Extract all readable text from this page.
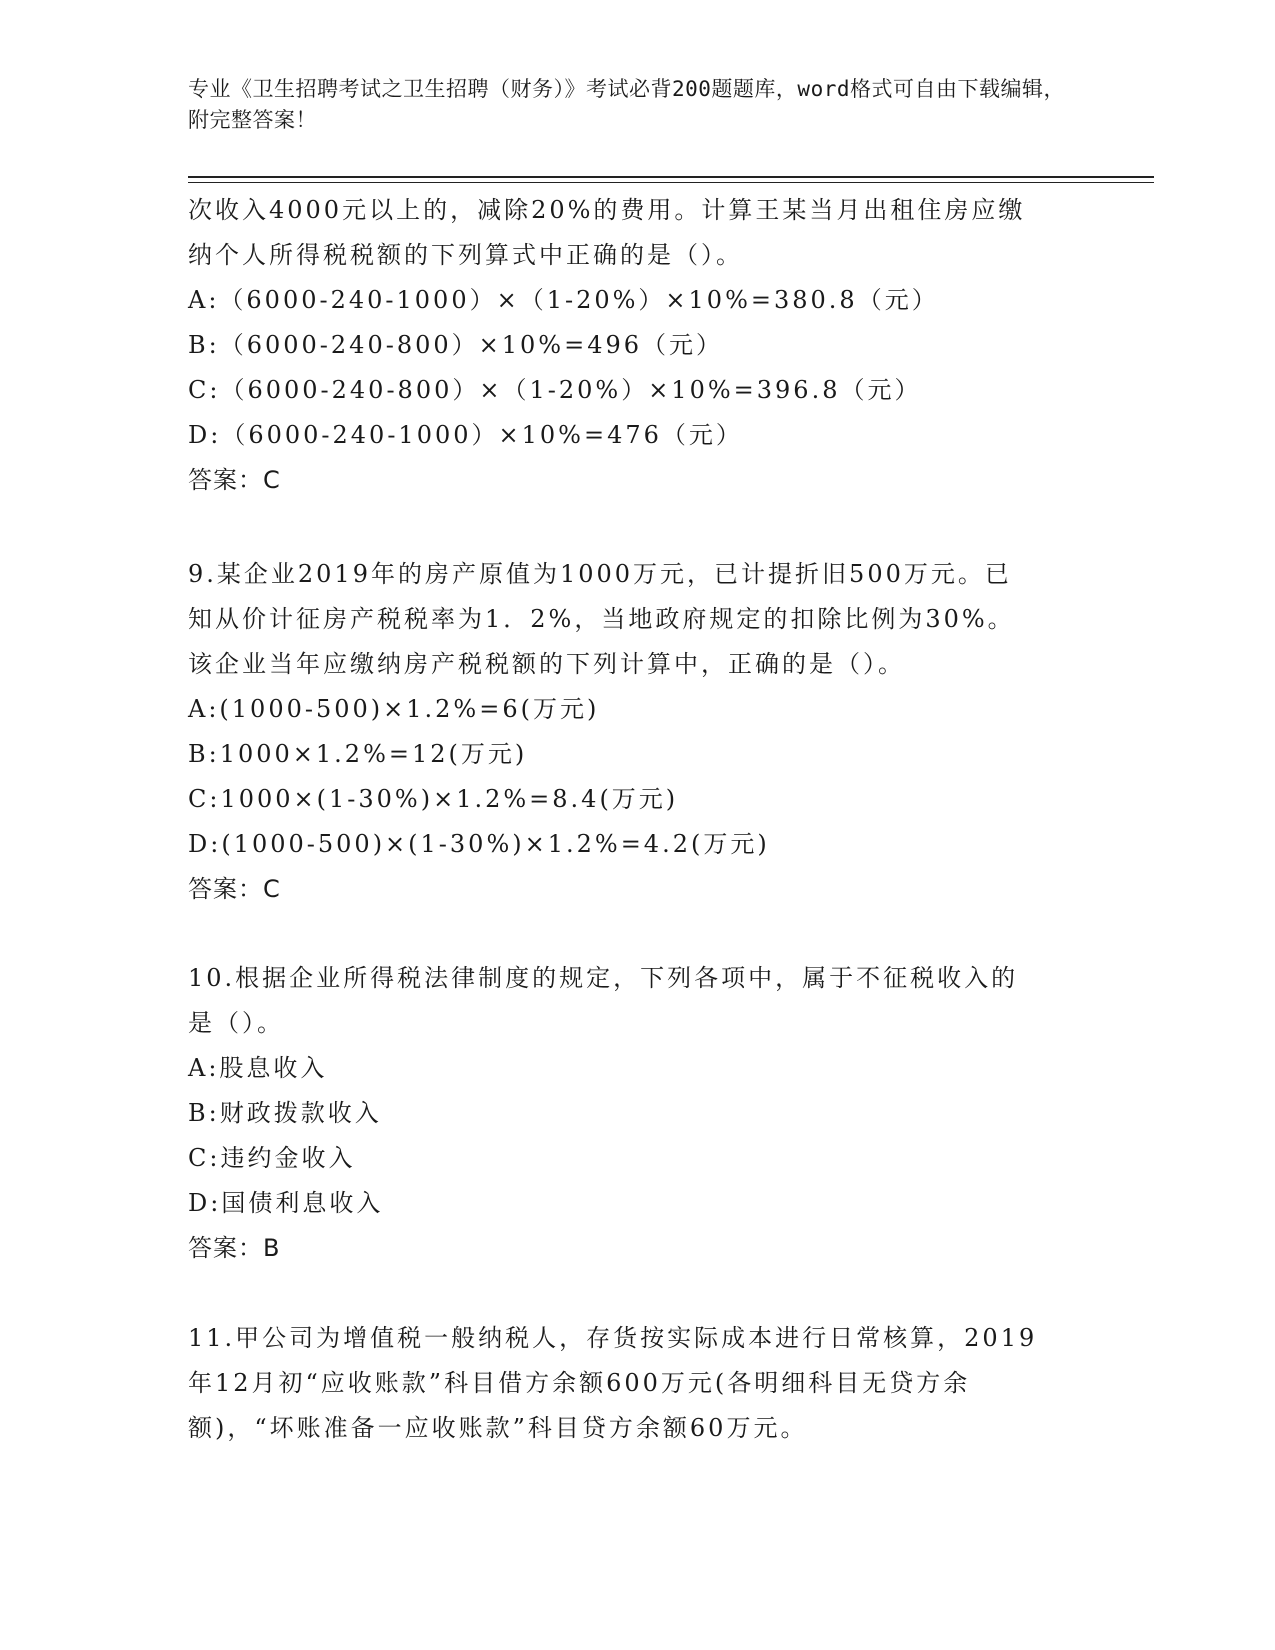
专业《卫生招聘考试之卫生招聘（财务）》考试必背200题题库，word格式可自由下载编辑，附完整答案！

次收入4000元以上的，减除20%的费用。计算王某当月出租住房应缴

纳个人所得税税额的下列算式中正确的是（）。

A:（6000-240-1000）×（1-20%）×10%=380.8（元）

B:（6000-240-800）×10%=496（元）

C:（6000-240-800）×（1-20%）×10%=396.8（元）

D:（6000-240-1000）×10%=476（元）

答案：C

9.某企业2019年的房产原值为1000万元，已计提折旧500万元。已

知从价计征房产税税率为1．2%，当地政府规定的扣除比例为30%。

该企业当年应缴纳房产税税额的下列计算中，正确的是（）。

A:(1000-500)×1.2%=6(万元)

B:1000×1.2%=12(万元)

C:1000×(1-30%)×1.2%=8.4(万元)

D:(1000-500)×(1-30%)×1.2%=4.2(万元)

答案：C

10.根据企业所得税法律制度的规定，下列各项中，属于不征税收入的

是（）。

A:股息收入

B:财政拨款收入

C:违约金收入

D:国债利息收入

答案：B

11.甲公司为增值税一般纳税人，存货按实际成本进行日常核算，2019

年12月初“应收账款”科目借方余额600万元(各明细科目无贷方余

额)，“坏账准备一应收账款”科目贷方余额60万元。
